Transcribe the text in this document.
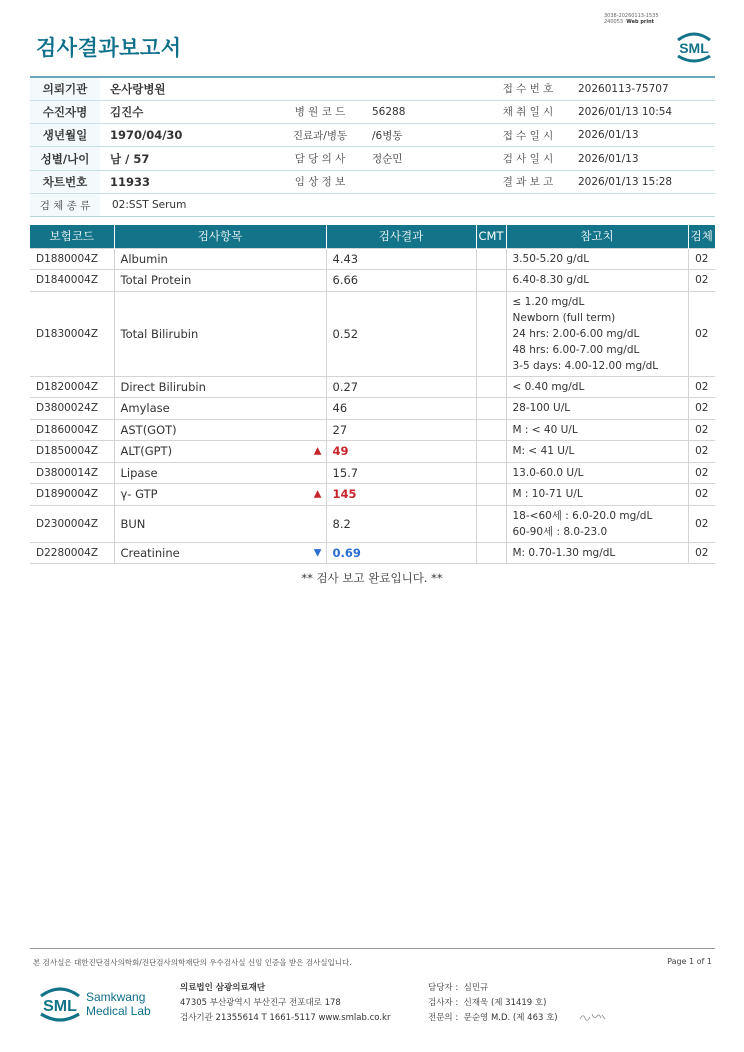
검사결과보고서
3038-20260113-1535
240053 Web print
SML
의뢰기관	온사랑병원			접 수 번 호	20260113-75707
수진자명	김진수	병 원 코 드	56288	채 취 일 시	2026/01/13 10:54
생년월일	1970/04/30	진료과/병동	/6병동	접 수 일 시	2026/01/13
성별/나이	남 / 57	담 당 의 사	정순민	검 사 일 시	2026/01/13
차트번호	11933	임 상 정 보		결 과 보 고	2026/01/13 15:28
검 체 종 류	02:SST Serum				
보험코드	검사항목	검사결과	CMT	참고치	검체
D1880004Z	Albumin	4.43		3.50-5.20 g/dL	02
D1840004Z	Total Protein	6.66		6.40-8.30 g/dL	02
D1830004Z	Total Bilirubin	0.52		≤ 1.20 mg/dL
Newborn (full term)
24 hrs: 2.00-6.00 mg/dL
48 hrs: 6.00-7.00 mg/dL
3-5 days: 4.00-12.00 mg/dL	02
D1820004Z	Direct Bilirubin	0.27		< 0.40 mg/dL	02
D3800024Z	Amylase	46		28-100 U/L	02
D1860004Z	AST(GOT)	27		M : < 40 U/L	02
D1850004Z	ALT(GPT) ▲	49		M: < 41 U/L	02
D3800014Z	Lipase	15.7		13.0-60.0 U/L	02
D1890004Z	γ- GTP ▲	145		M : 10-71 U/L	02
D2300004Z	BUN	8.2		18-<60세 : 6.0-20.0 mg/dL
60-90세 : 8.0-23.0	02
D2280004Z	Creatinine ▼	0.69		M: 0.70-1.30 mg/dL	02
** 검사 보고 완료입니다. **
본 검사실은 대한진단검사의학회/진단검사의학재단의 우수검사실 신임 인증을 받은 검사실입니다.	Page 1 of 1
SML
Samkwang
Medical Lab
의료법인 삼광의료재단
47305 부산광역시 부산진구 전포대로 178
검사기관 21355614 T 1661-5117 www.smlab.co.kr
담당자 : 심민규
검사자 : 신재욱 (제 31419 호)
전문의 : 문순영 M.D. (제 463 호)
